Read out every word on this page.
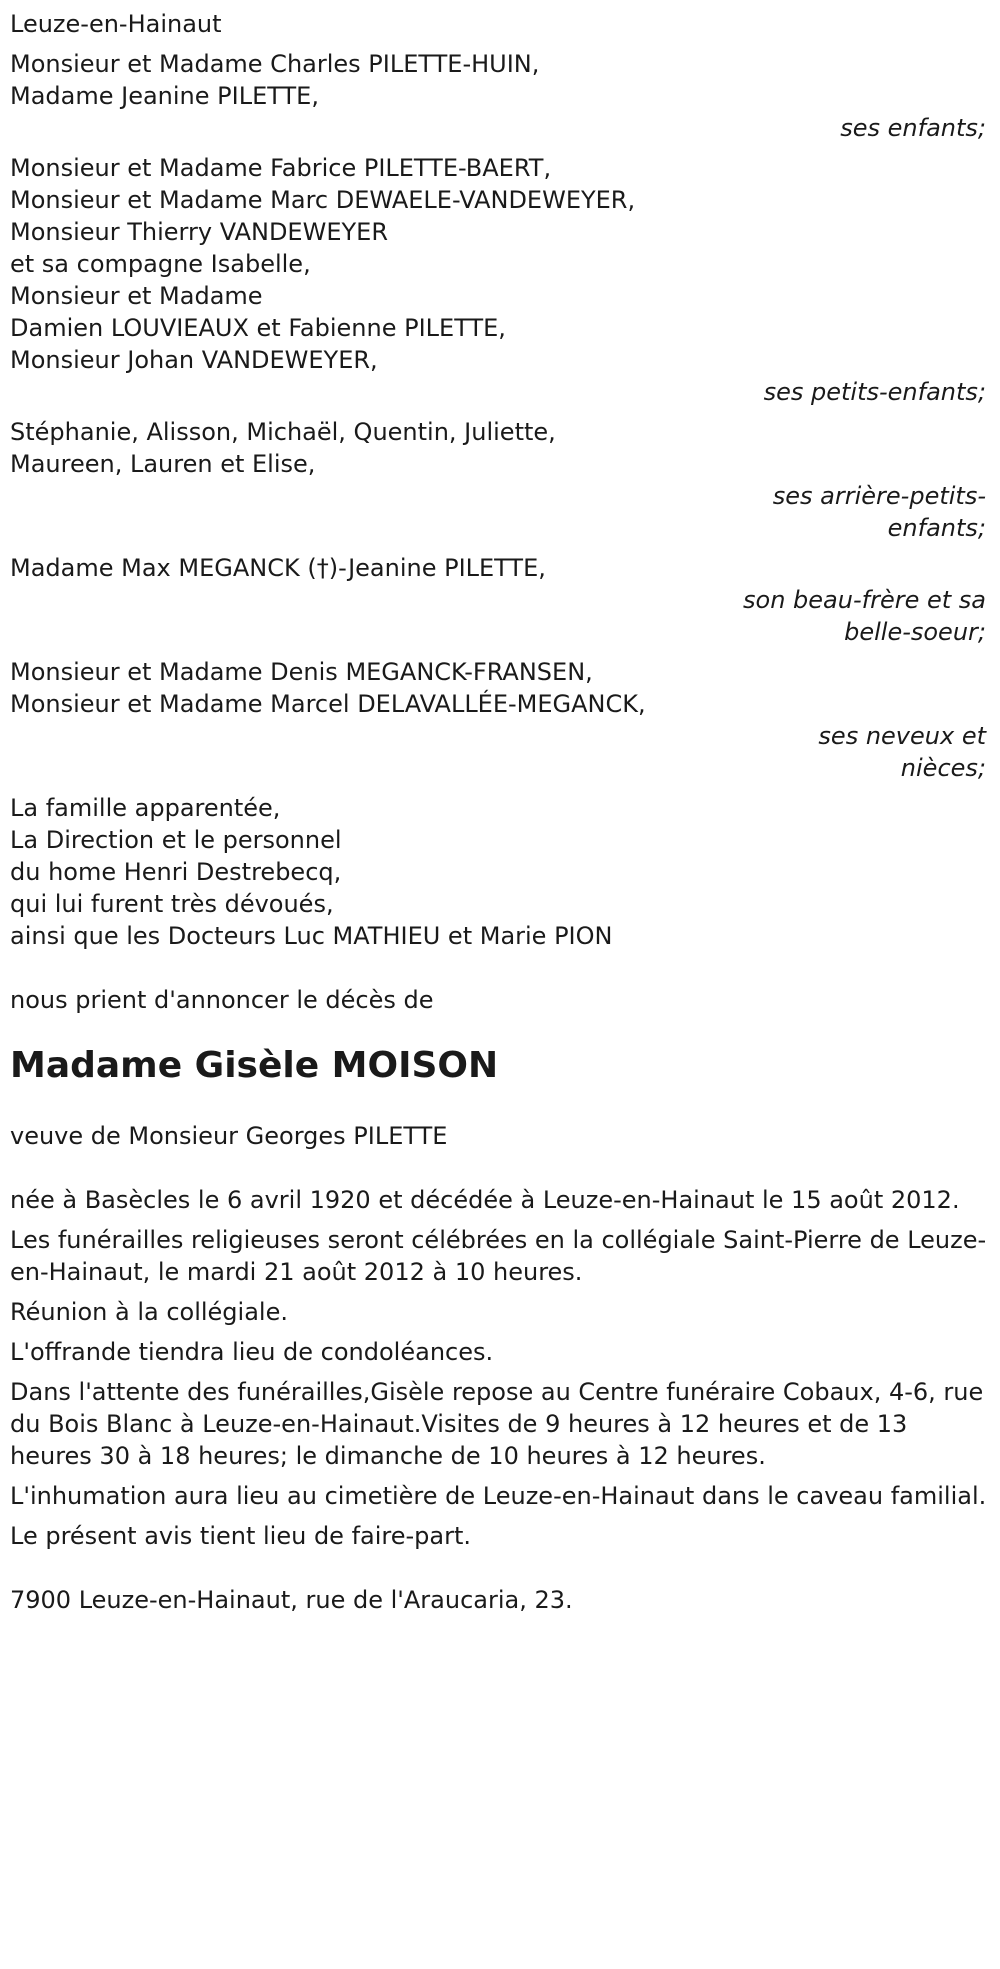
Leuze-en-Hainaut
Monsieur et Madame Charles PILETTE-HUIN,
Madame Jeanine PILETTE,
ses enfants;
Monsieur et Madame Fabrice PILETTE-BAERT,
Monsieur et Madame Marc DEWAELE-VANDEWEYER,
Monsieur Thierry VANDEWEYER
et sa compagne Isabelle,
Monsieur et Madame
Damien LOUVIEAUX et Fabienne PILETTE,
Monsieur Johan VANDEWEYER,
ses petits-enfants;
Stéphanie, Alisson, Michaël, Quentin, Juliette,
Maureen, Lauren et Elise,
ses arrière-petits-enfants;
Madame Max MEGANCK (†)-Jeanine PILETTE,
son beau-frère et sa belle-soeur;
Monsieur et Madame Denis MEGANCK-FRANSEN,
Monsieur et Madame Marcel DELAVALLÉE-MEGANCK,
ses neveux et nièces;
La famille apparentée,
La Direction et le personnel
du home Henri Destrebecq,
qui lui furent très dévoués,
ainsi que les Docteurs Luc MATHIEU et Marie PION
nous prient d'annoncer le décès de
Madame Gisèle MOISON
veuve de Monsieur Georges PILETTE
née à Basècles le 6 avril 1920 et décédée à Leuze-en-Hainaut le 15 août 2012.
Les funérailles religieuses seront célébrées en la collégiale Saint-Pierre de Leuze-en-Hainaut, le mardi 21 août 2012 à 10 heures.
Réunion à la collégiale.
L'offrande tiendra lieu de condoléances.
Dans l'attente des funérailles,Gisèle repose au Centre funéraire Cobaux, 4-6, rue du Bois Blanc à Leuze-en-Hainaut.Visites de 9 heures à 12 heures et de 13 heures 30 à 18 heures; le dimanche de 10 heures à 12 heures.
L'inhumation aura lieu au cimetière de Leuze-en-Hainaut dans le caveau familial.
Le présent avis tient lieu de faire-part.
7900 Leuze-en-Hainaut, rue de l'Araucaria, 23.
